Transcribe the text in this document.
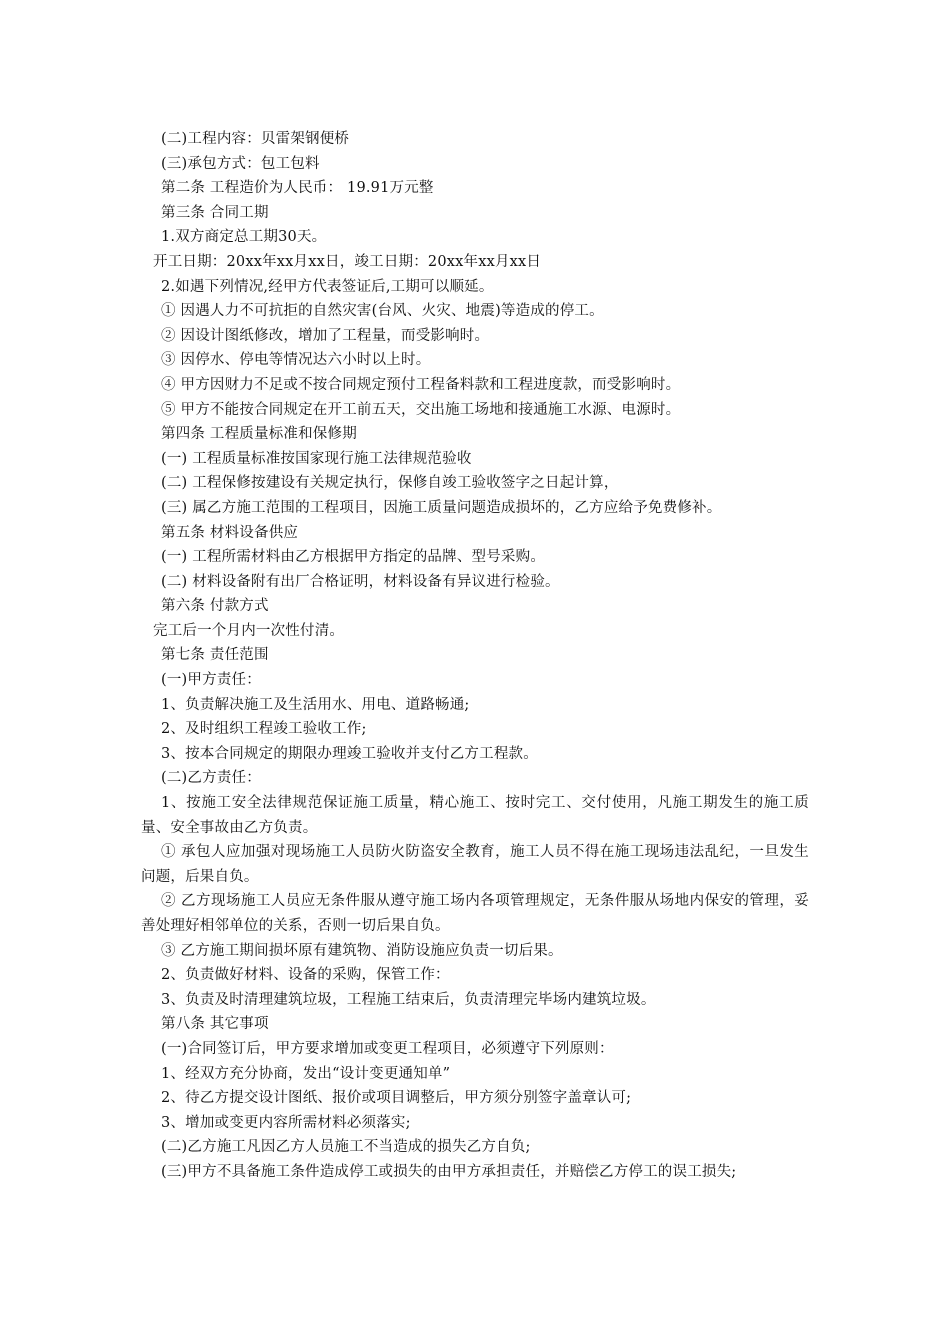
(二)工程内容：贝雷架钢便桥
(三)承包方式：包工包料
第二条 工程造价为人民币： 19.91万元整
第三条 合同工期
1.双方商定总工期30天。
开工日期：20xx年xx月xx日，竣工日期：20xx年xx月xx日
2.如遇下列情况,经甲方代表签证后,工期可以顺延。
① 因遇人力不可抗拒的自然灾害(台风、火灾、地震)等造成的停工。
② 因设计图纸修改，增加了工程量，而受影响时。
③ 因停水、停电等情况达六小时以上时。
④ 甲方因财力不足或不按合同规定预付工程备料款和工程进度款，而受影响时。
⑤ 甲方不能按合同规定在开工前五天，交出施工场地和接通施工水源、电源时。
第四条 工程质量标准和保修期
(一) 工程质量标准按国家现行施工法律规范验收
(二) 工程保修按建设有关规定执行，保修自竣工验收签字之日起计算，
(三) 属乙方施工范围的工程项目，因施工质量问题造成损坏的，乙方应给予免费修补。
第五条 材料设备供应
(一) 工程所需材料由乙方根据甲方指定的品牌、型号采购。
(二) 材料设备附有出厂合格证明，材料设备有异议进行检验。
第六条 付款方式
完工后一个月内一次性付清。
第七条 责任范围
(一)甲方责任：
1、负责解决施工及生活用水、用电、道路畅通;
2、及时组织工程竣工验收工作;
3、按本合同规定的期限办理竣工验收并支付乙方工程款。
(二)乙方责任：
1、按施工安全法律规范保证施工质量，精心施工、按时完工、交付使用，凡施工期发生的施工质量、安全事故由乙方负责。
① 承包人应加强对现场施工人员防火防盗安全教育，施工人员不得在施工现场违法乱纪，一旦发生问题，后果自负。
② 乙方现场施工人员应无条件服从遵守施工场内各项管理规定，无条件服从场地内保安的管理，妥善处理好相邻单位的关系，否则一切后果自负。
③ 乙方施工期间损坏原有建筑物、消防设施应负责一切后果。
2、负责做好材料、设备的采购，保管工作：
3、负责及时清理建筑垃圾，工程施工结束后，负责清理完毕场内建筑垃圾。
第八条 其它事项
(一)合同签订后，甲方要求增加或变更工程项目，必须遵守下列原则：
1、经双方充分协商，发出“设计变更通知单”
2、待乙方提交设计图纸、报价或项目调整后，甲方须分别签字盖章认可;
3、增加或变更内容所需材料必须落实;
(二)乙方施工凡因乙方人员施工不当造成的损失乙方自负;
(三)甲方不具备施工条件造成停工或损失的由甲方承担责任，并赔偿乙方停工的误工损失;
